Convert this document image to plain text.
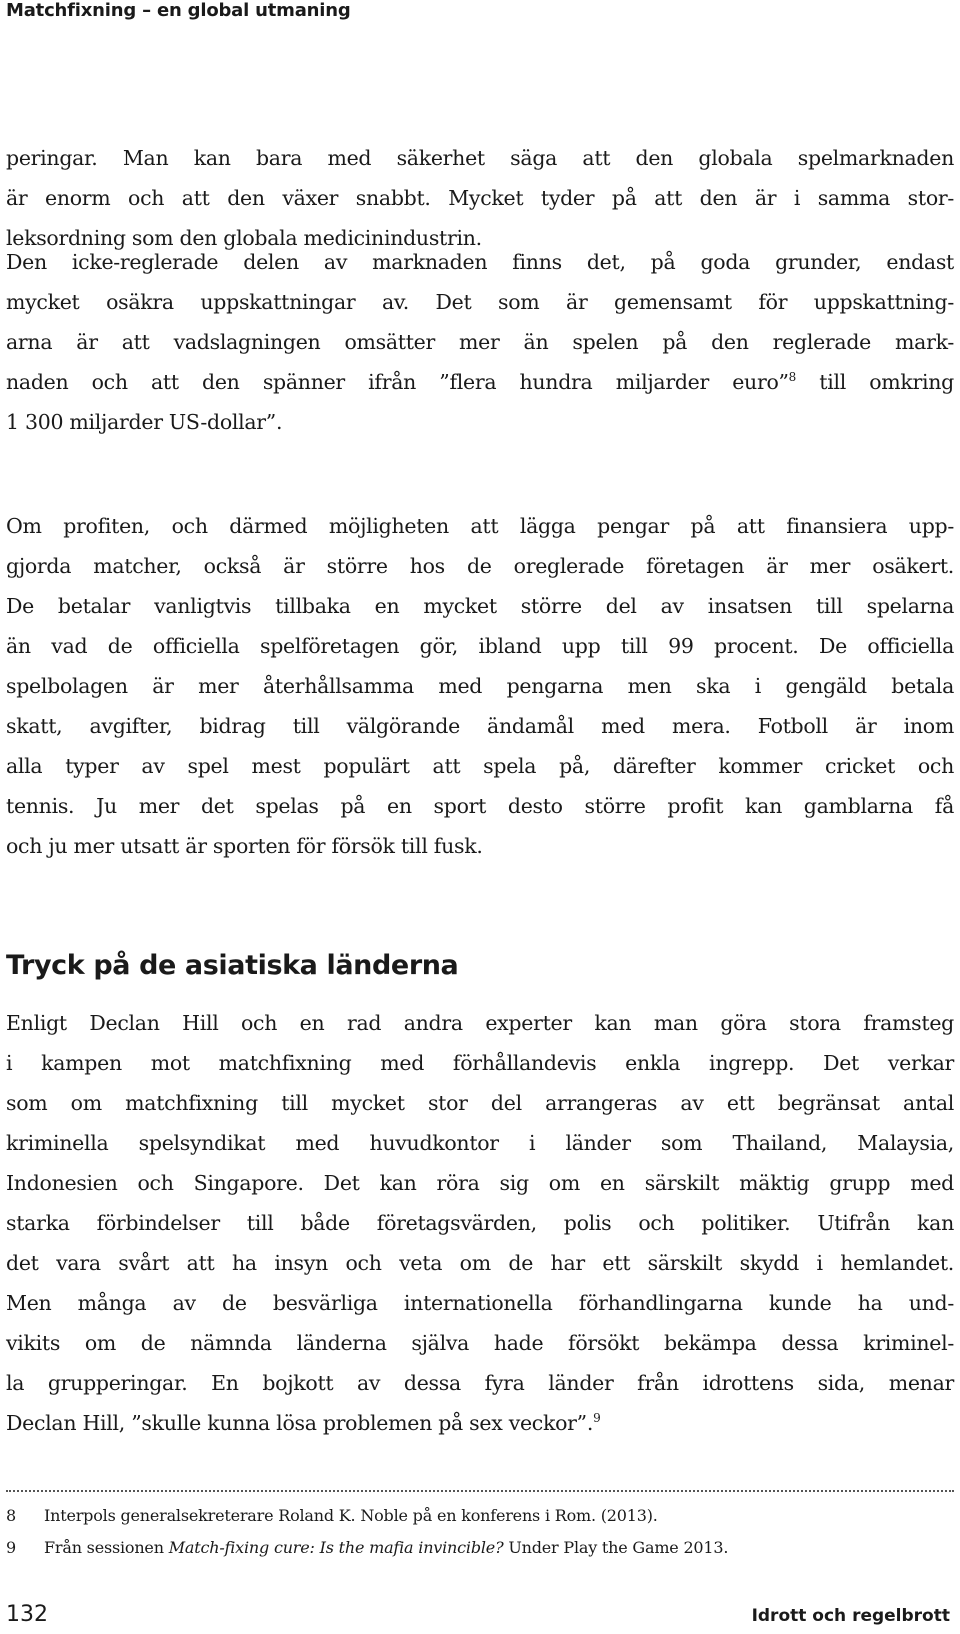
Matchfixning – en global utmaning
peringar. Man kan bara med säkerhet säga att den globala spelmarknaden
är enorm och att den växer snabbt. Mycket tyder på att den är i samma stor-
leksordning som den globala medicinindustrin.
Den icke-reglerade delen av marknaden finns det, på goda grunder, endast
mycket osäkra uppskattningar av. Det som är gemensamt för uppskattning-
arna är att vadslagningen omsätter mer än spelen på den reglerade mark-
naden och att den spänner ifrån ”flera hundra miljarder euro”$^8$ till omkring
1 300 miljarder US-dollar”.
Om profiten, och därmed möjligheten att lägga pengar på att finansiera upp-
gjorda matcher, också är större hos de oreglerade företagen är mer osäkert.
De betalar vanligtvis tillbaka en mycket större del av insatsen till spelarna
än vad de officiella spelföretagen gör, ibland upp till 99 procent. De officiella
spelbolagen är mer återhållsamma med pengarna men ska i gengäld betala
skatt, avgifter, bidrag till välgörande ändamål med mera. Fotboll är inom
alla typer av spel mest populärt att spela på, därefter kommer cricket och
tennis. Ju mer det spelas på en sport desto större profit kan gamblarna få
och ju mer utsatt är sporten för försök till fusk.
Tryck på de asiatiska länderna
Enligt Declan Hill och en rad andra experter kan man göra stora framsteg
i kampen mot matchfixning med förhållandevis enkla ingrepp. Det verkar
som om matchfixning till mycket stor del arrangeras av ett begränsat antal
kriminella spelsyndikat med huvudkontor i länder som Thailand, Malaysia,
Indonesien och Singapore. Det kan röra sig om en särskilt mäktig grupp med
starka förbindelser till både företagsvärden, polis och politiker. Utifrån kan
det vara svårt att ha insyn och veta om de har ett särskilt skydd i hemlandet.
Men många av de besvärliga internationella förhandlingarna kunde ha und-
vikits om de nämnda länderna själva hade försökt bekämpa dessa kriminel-
la grupperingar. En bojkott av dessa fyra länder från idrottens sida, menar
Declan Hill, ”skulle kunna lösa problemen på sex veckor”.$^9$
8	Interpols generalsekreterare Roland K. Noble på en konferens i Rom. (2013).
9	Från sessionen Match-fixing cure: Is the mafia invincible? Under Play the Game 2013.
132	Idrott och regelbrott
